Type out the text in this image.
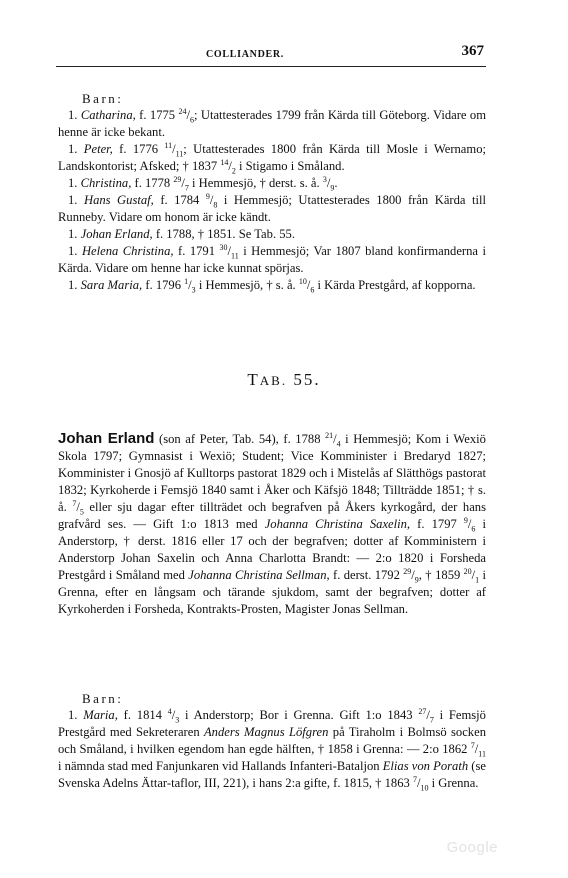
COLLIANDER.	367

Barn:

1. Catharina, f. 1775 $^{24}/_6$; Utattesterades 1799 från Kärda till Göteborg. Vidare om henne är icke bekant.

1. Peter, f. 1776 $^{11}/_{11}$; Utattesterades 1800 från Kärda till Mosle i Wernamo; Landskontorist; Afsked; † 1837 $^{14}/_2$ i Stigamo i Småland.

1. Christina, f. 1778 $^{29}/_7$ i Hemmesjö, † derst. s. å. $^3/_9$.

1. Hans Gustaf, f. 1784 $^9/_8$ i Hemmesjö; Utattesterades 1800 från Kärda till Runneby. Vidare om honom är icke kändt.

1. Johan Erland, f. 1788, † 1851. Se Tab. 55.

1. Helena Christina, f. 1791 $^{30}/_{11}$ i Hemmesjö; Var 1807 bland konfirmanderna i Kärda. Vidare om henne har icke kunnat spörjas.

1. Sara Maria, f. 1796 $^1/_3$ i Hemmesjö, † s. å. $^{10}/_6$ i Kärda Prestgård, af kopporna.

TAB. 55.

Johan Erland (son af Peter, Tab. 54), f. 1788 $^{21}/_4$ i Hemmesjö; Kom i Wexiö Skola 1797; Gymnasist i Wexiö; Student; Vice Komminister i Bredaryd 1827; Komminister i Gnosjö af Kulltorps pastorat 1829 och i Mistelås af Slätthögs pastorat 1832; Kyrkoherde i Femsjö 1840 samt i Åker och Käfsjö 1848; Tillträdde 1851; † s. å. $^7/_5$ eller sju dagar efter tillträdet och begrafven på Åkers kyrkogård, der hans grafvård ses. — Gift 1:o 1813 med Johanna Christina Saxelin, f. 1797 $^9/_6$ i Anderstorp, † derst. 1816 eller 17 och der begrafven; dotter af Komministern i Anderstorp Johan Saxelin och Anna Charlotta Brandt: — 2:o 1820 i Forsheda Prestgård i Småland med Johanna Christina Sellman, f. derst. 1792 $^{29}/_9$, † 1859 $^{20}/_1$ i Grenna, efter en långsam och tärande sjukdom, samt der begrafven; dotter af Kyrkoherden i Forsheda, Kontrakts-Prosten, Magister Jonas Sellman.

Barn:

1. Maria, f. 1814 $^4/_3$ i Anderstorp; Bor i Grenna. Gift 1:o 1843 $^{27}/_7$ i Femsjö Prestgård med Sekreteraren Anders Magnus Löfgren på Tiraholm i Bolmsö socken och Småland, i hvilken egendom han egde hälften, † 1858 i Grenna: — 2:o 1862 $^7/_{11}$ i nämnda stad med Fanjunkaren vid Hallands Infanteri-Bataljon Elias von Porath (se Svenska Adelns Ättar-taflor, III, 221), i hans 2:a gifte, f. 1815, † 1863 $^7/_{10}$ i Grenna.

Google
